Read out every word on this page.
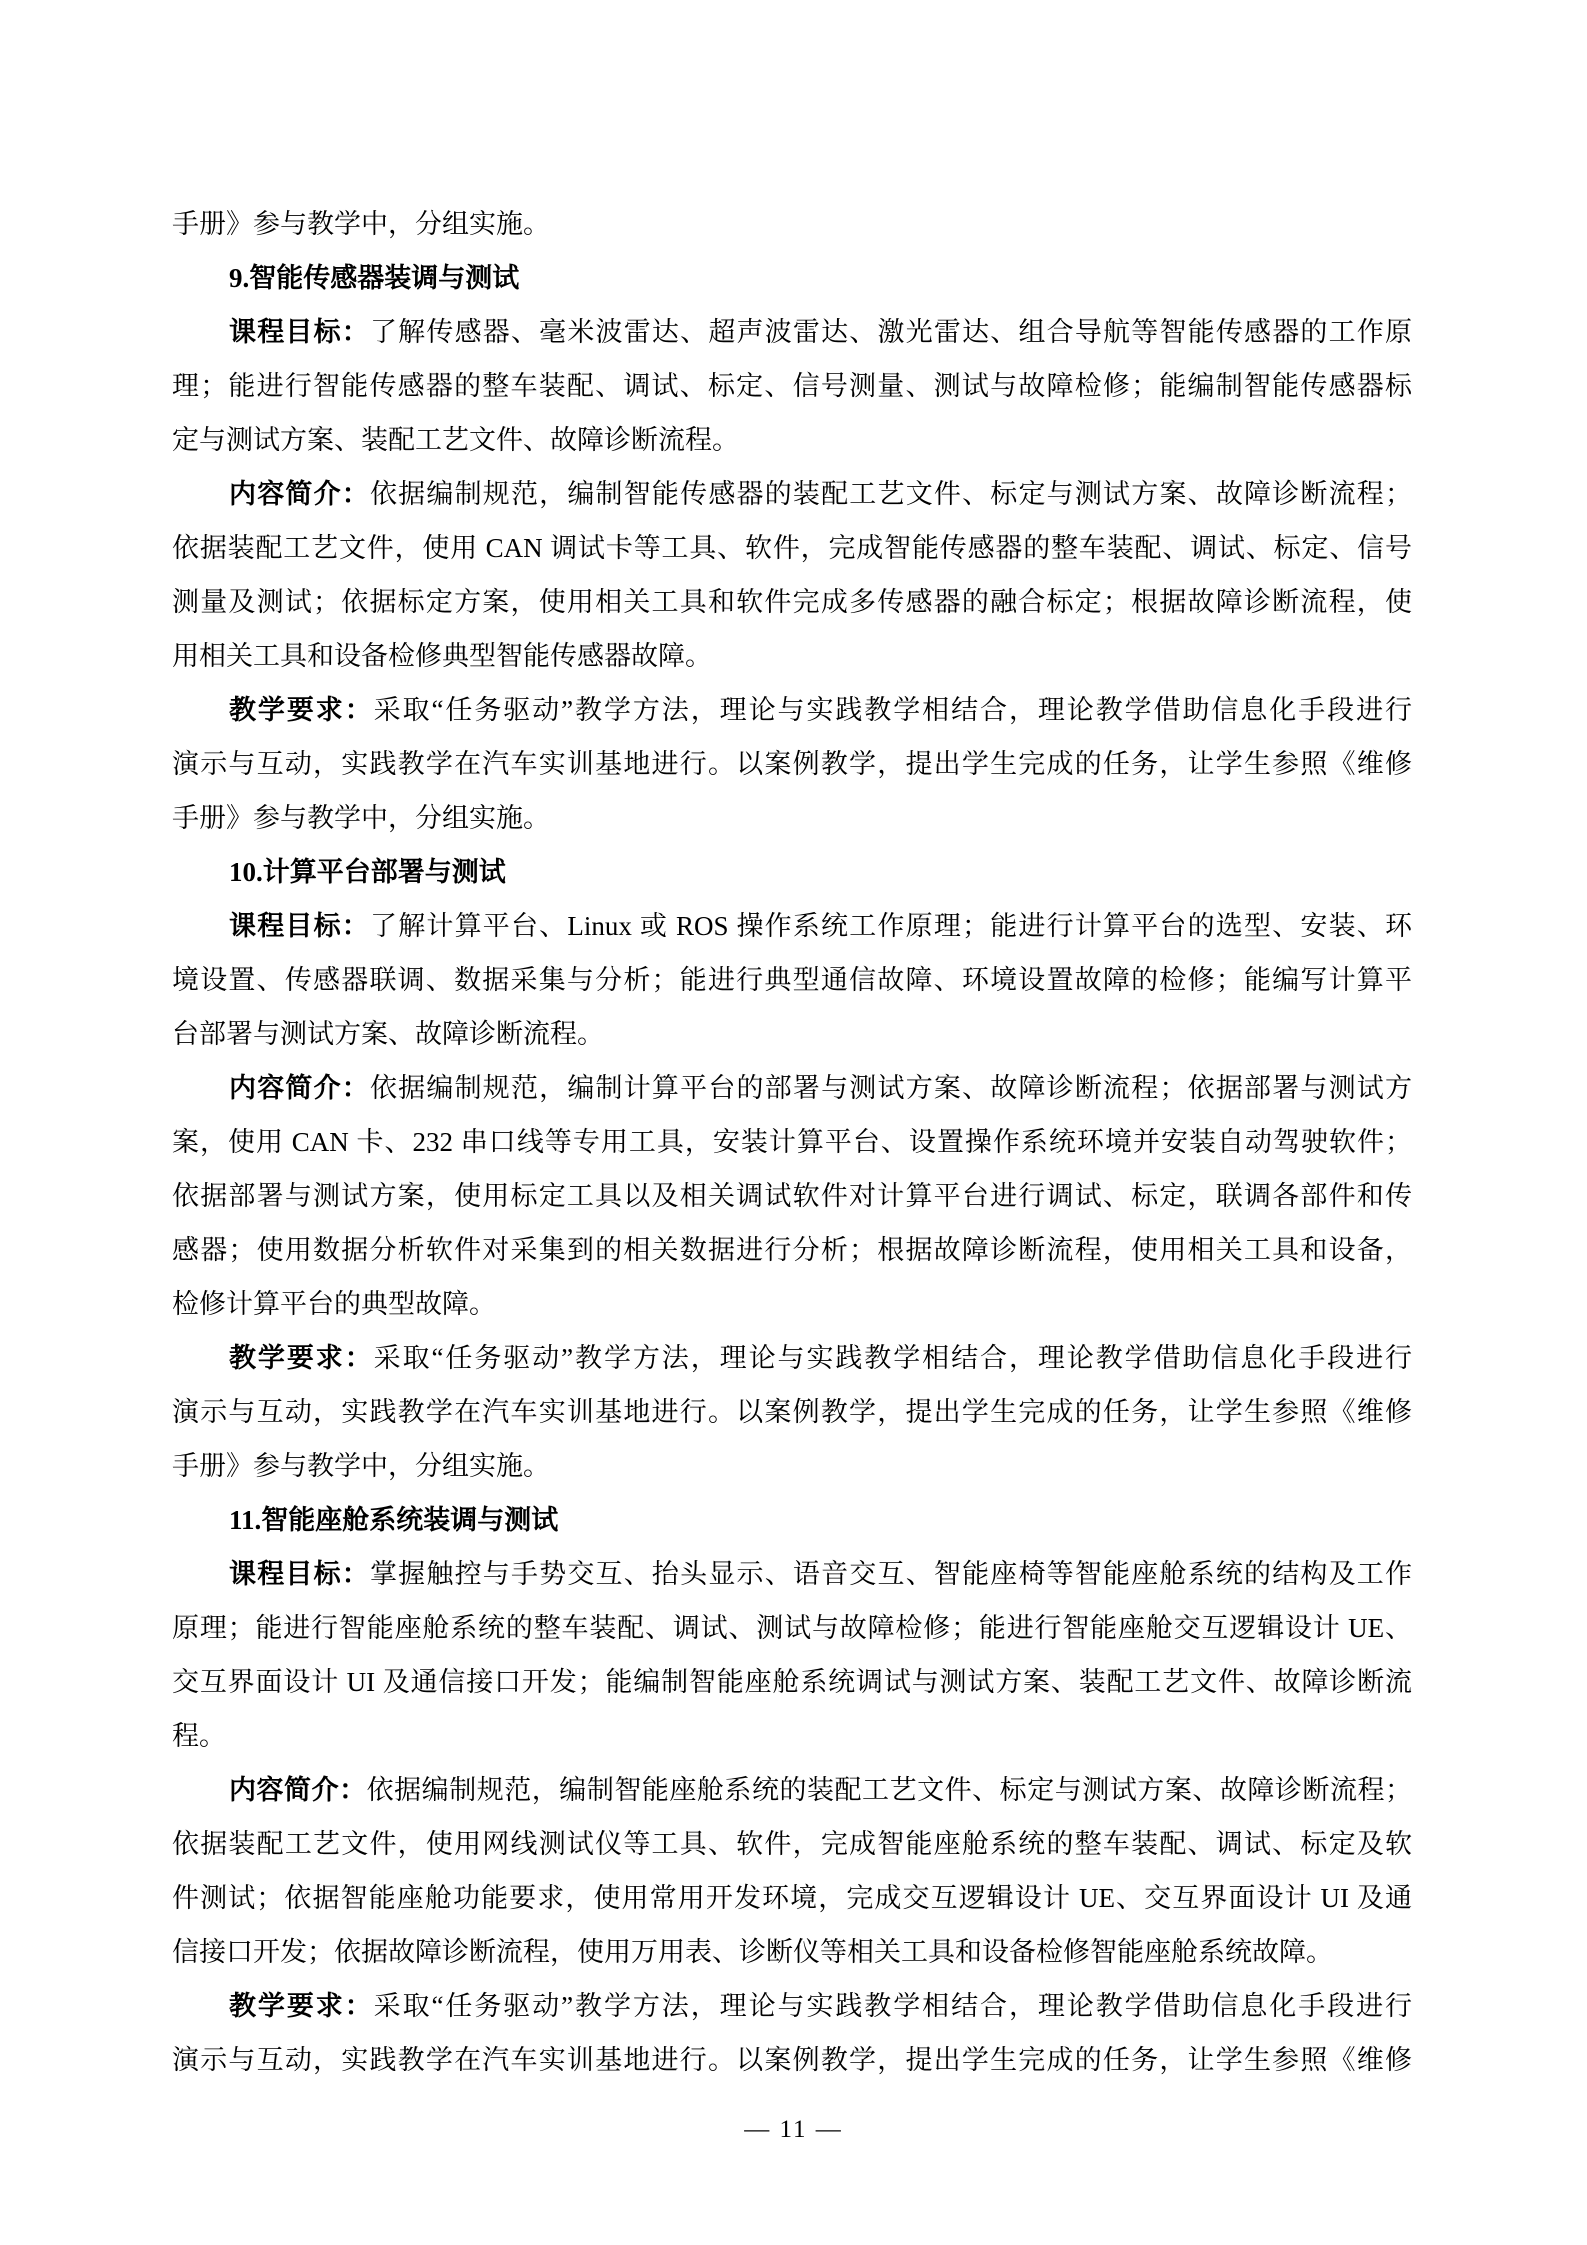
手册》参与教学中，分组实施。
9.智能传感器装调与测试
课程目标：了解传感器、毫米波雷达、超声波雷达、激光雷达、组合导航等智能传感器的工作原
理；能进行智能传感器的整车装配、调试、标定、信号测量、测试与故障检修；能编制智能传感器标
定与测试方案、装配工艺文件、故障诊断流程。
内容简介：依据编制规范，编制智能传感器的装配工艺文件、标定与测试方案、故障诊断流程；
依据装配工艺文件，使用 CAN 调试卡等工具、软件，完成智能传感器的整车装配、调试、标定、信号
测量及测试；依据标定方案，使用相关工具和软件完成多传感器的融合标定；根据故障诊断流程，使
用相关工具和设备检修典型智能传感器故障。
教学要求：采取“任务驱动”教学方法，理论与实践教学相结合，理论教学借助信息化手段进行
演示与互动，实践教学在汽车实训基地进行。以案例教学，提出学生完成的任务，让学生参照《维修
手册》参与教学中，分组实施。
10.计算平台部署与测试
课程目标：了解计算平台、Linux 或 ROS 操作系统工作原理；能进行计算平台的选型、安装、环
境设置、传感器联调、数据采集与分析；能进行典型通信故障、环境设置故障的检修；能编写计算平
台部署与测试方案、故障诊断流程。
内容简介：依据编制规范，编制计算平台的部署与测试方案、故障诊断流程；依据部署与测试方
案，使用 CAN 卡、232 串口线等专用工具，安装计算平台、设置操作系统环境并安装自动驾驶软件；
依据部署与测试方案，使用标定工具以及相关调试软件对计算平台进行调试、标定，联调各部件和传
感器；使用数据分析软件对采集到的相关数据进行分析；根据故障诊断流程，使用相关工具和设备，
检修计算平台的典型故障。
教学要求：采取“任务驱动”教学方法，理论与实践教学相结合，理论教学借助信息化手段进行
演示与互动，实践教学在汽车实训基地进行。以案例教学，提出学生完成的任务，让学生参照《维修
手册》参与教学中，分组实施。
11.智能座舱系统装调与测试
课程目标：掌握触控与手势交互、抬头显示、语音交互、智能座椅等智能座舱系统的结构及工作
原理；能进行智能座舱系统的整车装配、调试、测试与故障检修；能进行智能座舱交互逻辑设计 UE、
交互界面设计 UI 及通信接口开发；能编制智能座舱系统调试与测试方案、装配工艺文件、故障诊断流
程。
内容简介：依据编制规范，编制智能座舱系统的装配工艺文件、标定与测试方案、故障诊断流程；
依据装配工艺文件，使用网线测试仪等工具、软件，完成智能座舱系统的整车装配、调试、标定及软
件测试；依据智能座舱功能要求，使用常用开发环境，完成交互逻辑设计 UE、交互界面设计 UI 及通
信接口开发；依据故障诊断流程，使用万用表、诊断仪等相关工具和设备检修智能座舱系统故障。
教学要求：采取“任务驱动”教学方法，理论与实践教学相结合，理论教学借助信息化手段进行
演示与互动，实践教学在汽车实训基地进行。以案例教学，提出学生完成的任务，让学生参照《维修
— 11 —
